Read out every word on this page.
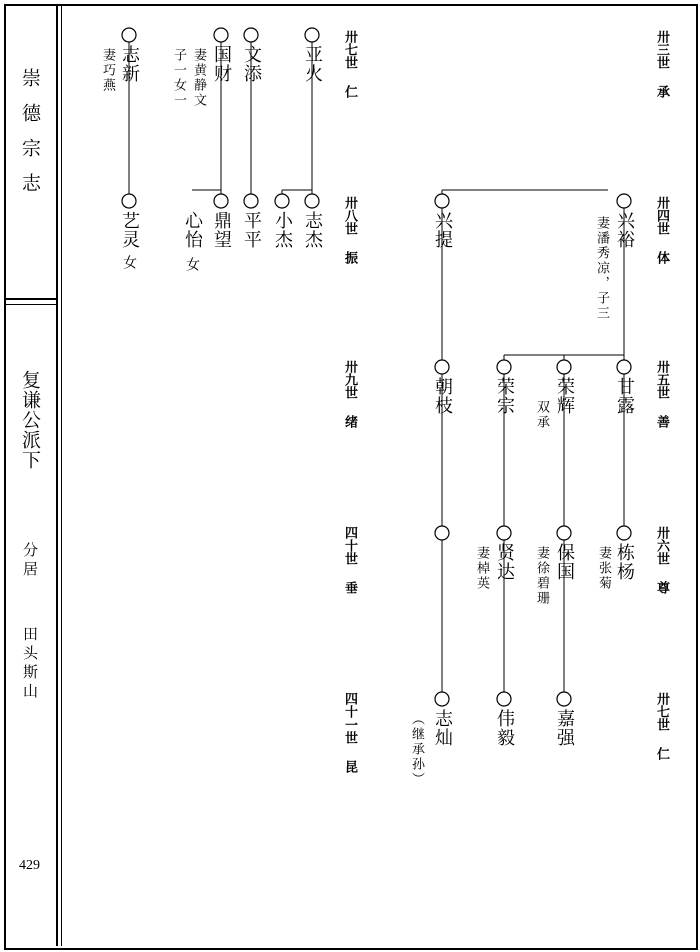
崇德宗志
复谦公派下
分居
田头斯山
429
卅三世承
卅四世体
卅五世善
卅六世尊
卅七世仁
卅七世仁
卅八世振
卅九世绪
四十世垂
四十一世昆
兴裕
妻潘秀凉，子三
兴提
甘露
荣辉
双承
荣宗
朝枝
栋杨
妻张菊
保国
妻徐碧珊
贤达
妻棹英
嘉强
伟毅
志灿
（继承孙）
亚火
文添
国财
妻黄静文
子一女一
志新
妻巧燕
志杰
小杰
平平
鼎望
心怡女
艺灵女
